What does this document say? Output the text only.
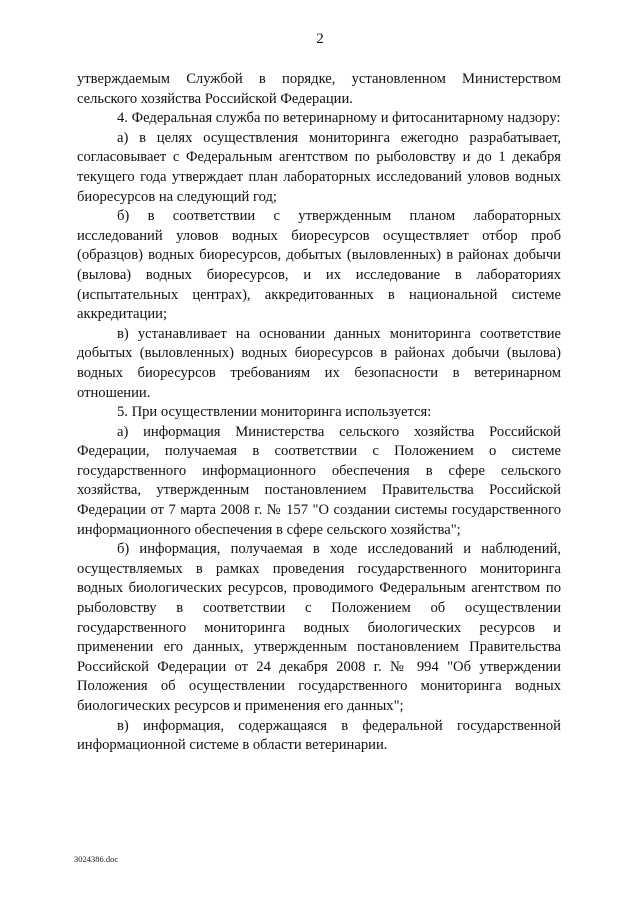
2

утверждаемым Службой в порядке, установленном Министерством сельского хозяйства Российской Федерации.

4. Федеральная служба по ветеринарному и фитосанитарному надзору:

а) в целях осуществления мониторинга ежегодно разрабатывает, согласовывает с Федеральным агентством по рыболовству и до 1 декабря текущего года утверждает план лабораторных исследований уловов водных биоресурсов на следующий год;

б) в соответствии с утвержденным планом лабораторных исследований уловов водных биоресурсов осуществляет отбор проб (образцов) водных биоресурсов, добытых (выловленных) в районах добычи (вылова) водных биоресурсов, и их исследование в лабораториях (испытательных центрах), аккредитованных в национальной системе аккредитации;

в) устанавливает на основании данных мониторинга соответствие добытых (выловленных) водных биоресурсов в районах добычи (вылова) водных биоресурсов требованиям их безопасности в ветеринарном отношении.

5. При осуществлении мониторинга используется:

а) информация Министерства сельского хозяйства Российской Федерации, получаемая в соответствии с Положением о системе государственного информационного обеспечения в сфере сельского хозяйства, утвержденным постановлением Правительства Российской Федерации от 7 марта 2008 г. № 157 "О создании системы государственного информационного обеспечения в сфере сельского хозяйства";

б) информация, получаемая в ходе исследований и наблюдений, осуществляемых в рамках проведения государственного мониторинга водных биологических ресурсов, проводимого Федеральным агентством по рыболовству в соответствии с Положением об осуществлении государственного мониторинга водных биологических ресурсов и применении его данных, утвержденным постановлением Правительства Российской Федерации от 24 декабря 2008 г. № 994 "Об утверждении Положения об осуществлении государственного мониторинга водных биологических ресурсов и применения его данных";

в) информация, содержащаяся в федеральной государственной информационной системе в области ветеринарии.

3024386.doc
